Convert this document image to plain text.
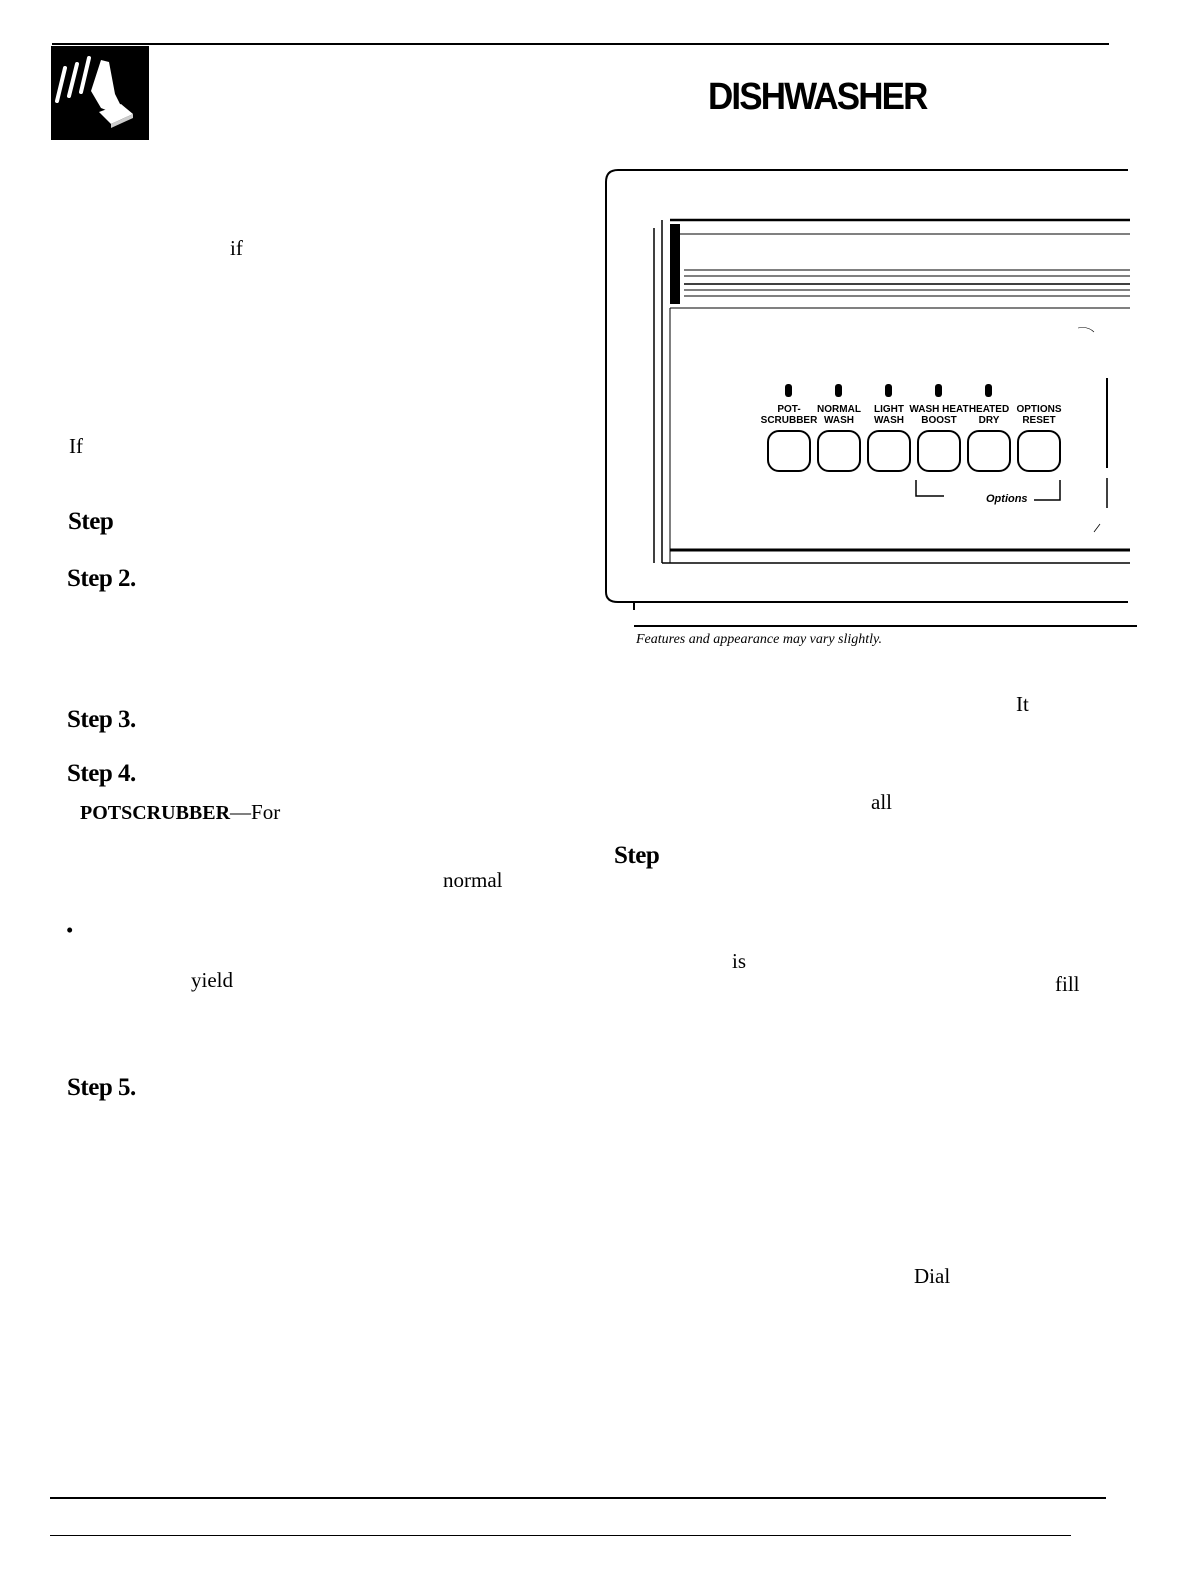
DISHWASHER
if
If
Step
Step 2.
Step 3.
Step 4.
POTSCRUBBER—For
normal
•
yield
Step 5.
It
all
Step
is
fill
Dial
Options
POT-
SCRUBBER
NORMAL
WASH
LIGHT
WASH
WASH HEAT
BOOST
HEATED
DRY
OPTIONS
RESET
Features and appearance may vary slightly.
